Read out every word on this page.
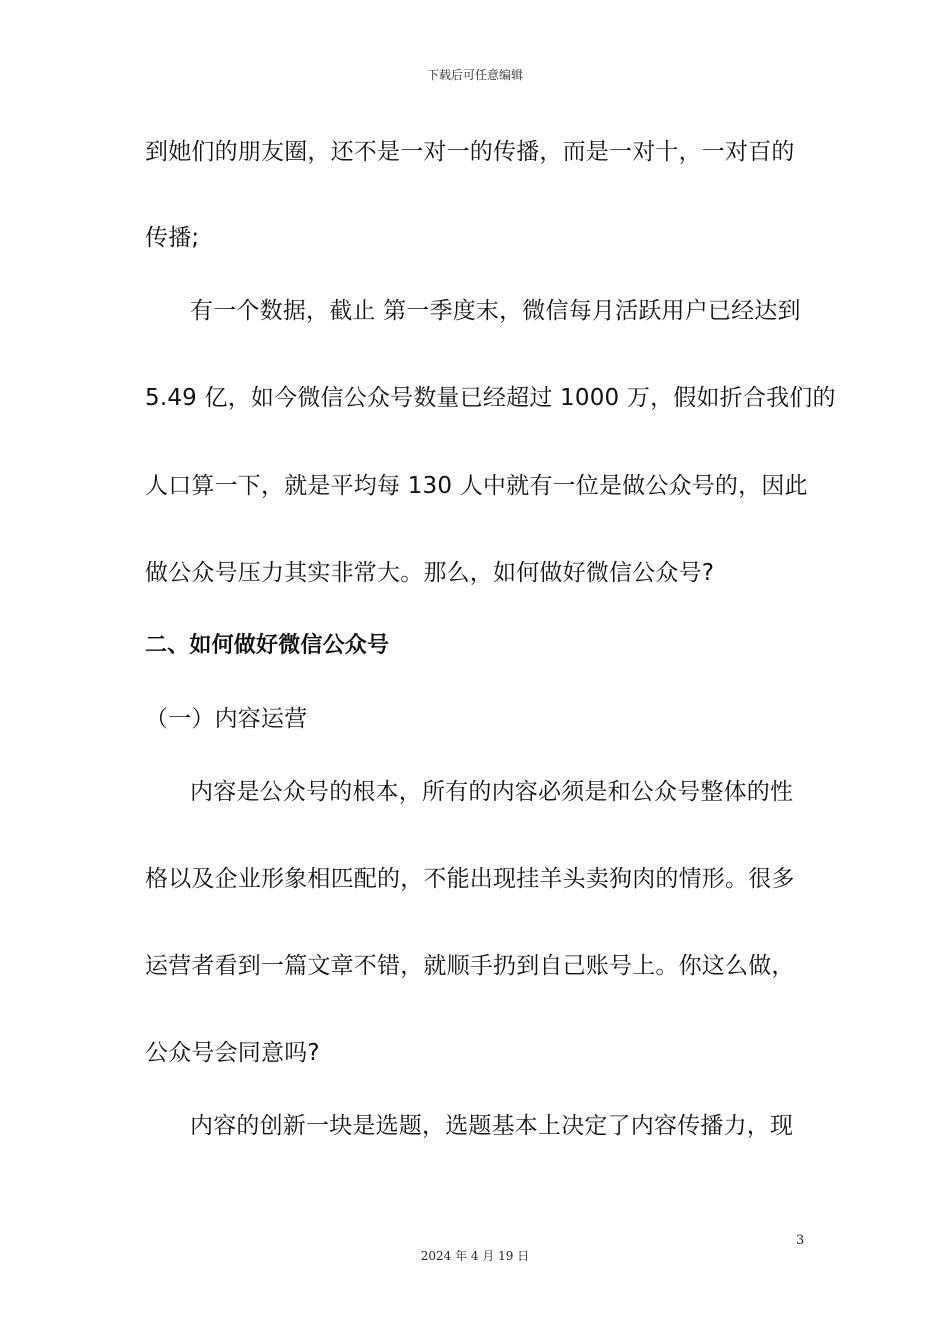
下载后可任意编辑
到她们的朋友圈，还不是一对一的传播，而是一对十，一对百的
传播;
有一个数据，截止 第一季度末，微信每月活跃用户已经达到
5.49 亿，如今微信公众号数量已经超过 1000 万，假如折合我们的
人口算一下，就是平均每 130 人中就有一位是做公众号的，因此
做公众号压力其实非常大。那么，如何做好微信公众号?
二、如何做好微信公众号
（一）内容运营
内容是公众号的根本，所有的内容必须是和公众号整体的性
格以及企业形象相匹配的，不能出现挂羊头卖狗肉的情形。很多
运营者看到一篇文章不错，就顺手扔到自己账号上。你这么做，
公众号会同意吗?
内容的创新一块是选题，选题基本上决定了内容传播力，现
3
2024 年 4 月 19 日
